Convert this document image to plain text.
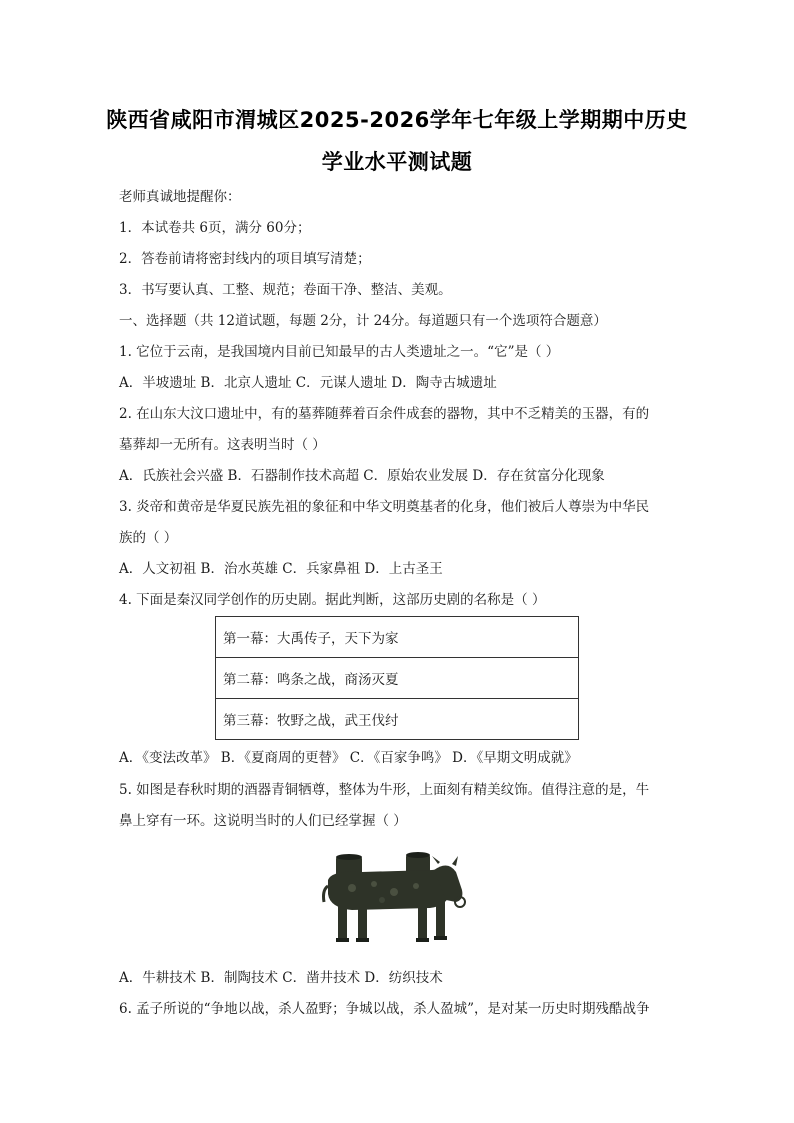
陕西省咸阳市渭城区2025-2026学年七年级上学期期中历史
学业水平测试题
老师真诚地提醒你：
1．本试卷共 6页，满分 60分；
2．答卷前请将密封线内的项目填写清楚；
3．书写要认真、工整、规范；卷面干净、整洁、美观。
一、选择题（共 12道试题，每题 2分，计 24分。每道题只有一个选项符合题意）
1. 它位于云南，是我国境内目前已知最早的古人类遗址之一。“它”是（ ）
A．半坡遗址 B．北京人遗址 C．元谋人遗址 D．陶寺古城遗址
2. 在山东大汶口遗址中，有的墓葬随葬着百余件成套的器物，其中不乏精美的玉器，有的
墓葬却一无所有。这表明当时（ ）
A．氏族社会兴盛 B．石器制作技术高超 C．原始农业发展 D．存在贫富分化现象
3. 炎帝和黄帝是华夏民族先祖的象征和中华文明奠基者的化身，他们被后人尊崇为中华民
族的（ ）
A．人文初祖 B．治水英雄 C．兵家鼻祖 D．上古圣王
4. 下面是秦汉同学创作的历史剧。据此判断，这部历史剧的名称是（ ）
第一幕：大禹传子，天下为家
第二幕：鸣条之战，商汤灭夏
第三幕：牧野之战，武王伐纣
A．《变法改革》 B．《夏商周的更替》 C．《百家争鸣》 D．《早期文明成就》
5. 如图是春秋时期的酒器青铜牺尊，整体为牛形，上面刻有精美纹饰。值得注意的是，牛
鼻上穿有一环。这说明当时的人们已经掌握（ ）
A．牛耕技术 B．制陶技术 C．凿井技术 D．纺织技术
6. 孟子所说的“争地以战，杀人盈野；争城以战，杀人盈城”，是对某一历史时期残酷战争
